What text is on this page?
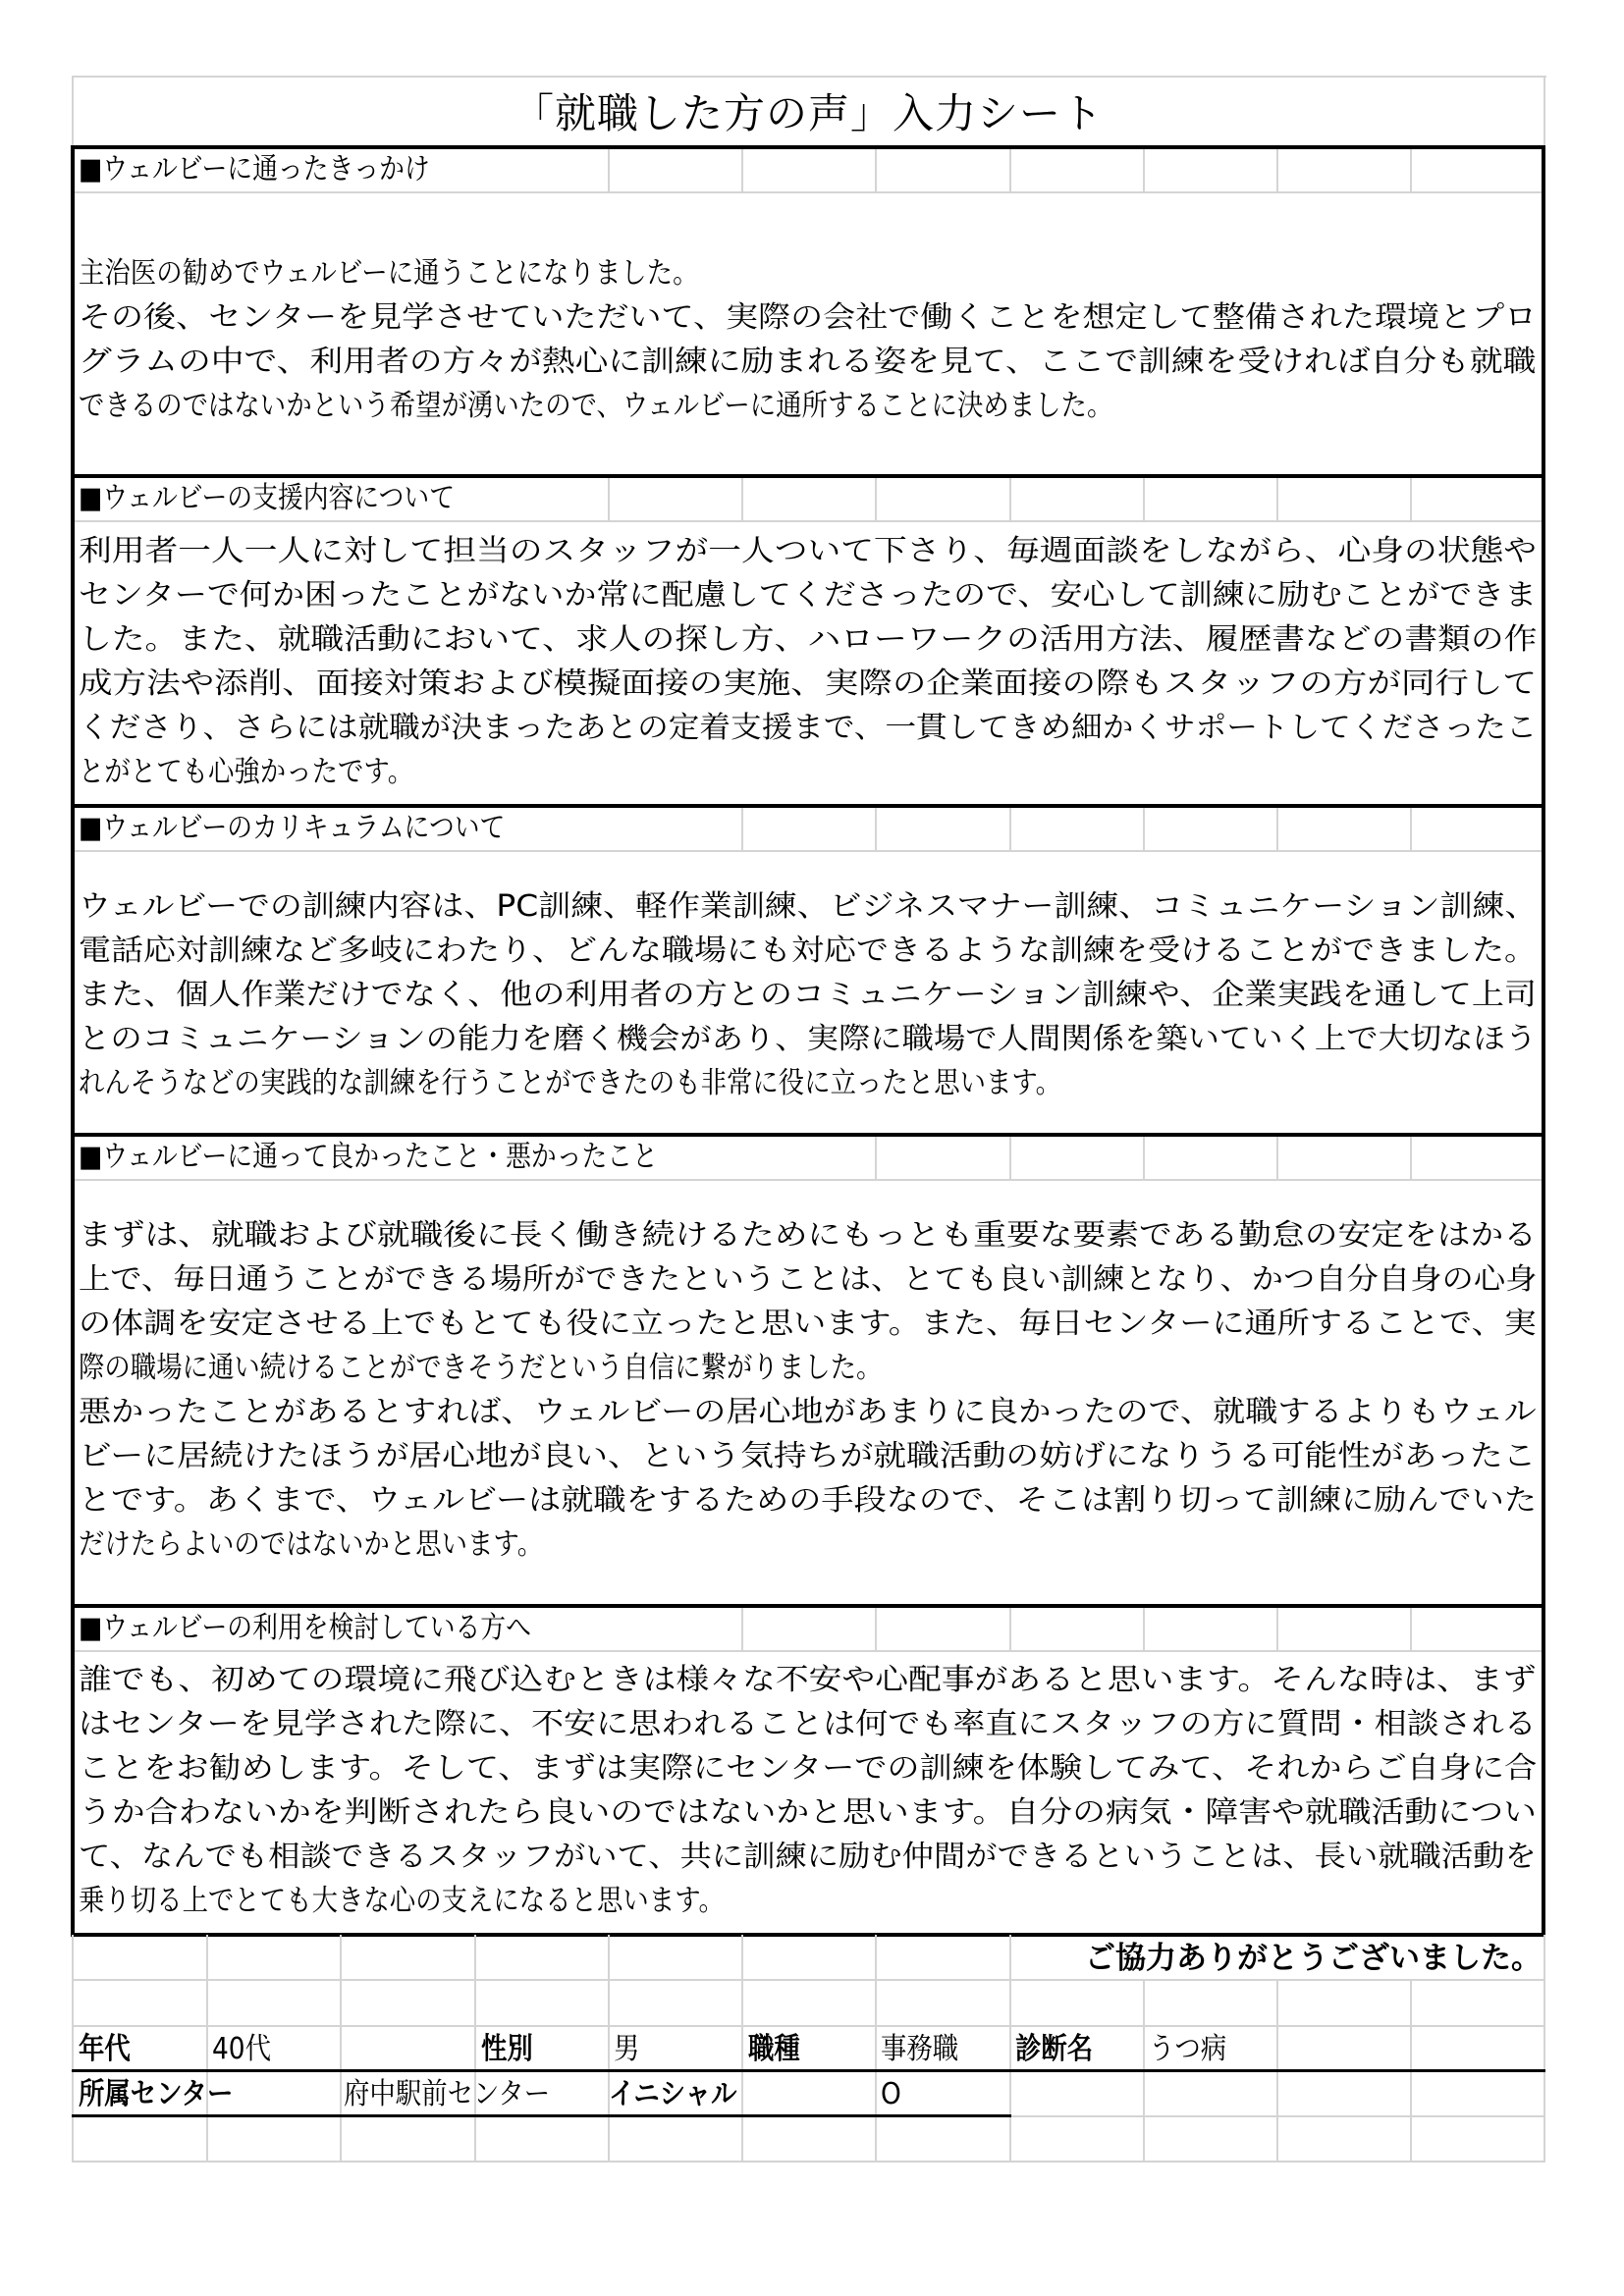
「就職した方の声」入力シート
■ウェルビーに通ったきっかけ
主治医の勧めでウェルビーに通うことになりました。
その後、センターを見学させていただいて、実際の会社で働くことを想定して整備された環境とプロ
グラムの中で、利用者の方々が熱心に訓練に励まれる姿を見て、ここで訓練を受ければ自分も就職
できるのではないかという希望が湧いたので、ウェルビーに通所することに決めました。
■ウェルビーの支援内容について
利用者一人一人に対して担当のスタッフが一人ついて下さり、毎週面談をしながら、心身の状態や
センターで何か困ったことがないか常に配慮してくださったので、安心して訓練に励むことができま
した。また、就職活動において、求人の探し方、ハローワークの活用方法、履歴書などの書類の作
成方法や添削、面接対策および模擬面接の実施、実際の企業面接の際もスタッフの方が同行して
くださり、さらには就職が決まったあとの定着支援まで、一貫してきめ細かくサポートしてくださったこ
とがとても心強かったです。
■ウェルビーのカリキュラムについて
ウェルビーでの訓練内容は、PC訓練、軽作業訓練、ビジネスマナー訓練、コミュニケーション訓練、
電話応対訓練など多岐にわたり、どんな職場にも対応できるような訓練を受けることができました。
また、個人作業だけでなく、他の利用者の方とのコミュニケーション訓練や、企業実践を通して上司
とのコミュニケーションの能力を磨く機会があり、実際に職場で人間関係を築いていく上で大切なほう
れんそうなどの実践的な訓練を行うことができたのも非常に役に立ったと思います。
■ウェルビーに通って良かったこと・悪かったこと
まずは、就職および就職後に長く働き続けるためにもっとも重要な要素である勤怠の安定をはかる
上で、毎日通うことができる場所ができたということは、とても良い訓練となり、かつ自分自身の心身
の体調を安定させる上でもとても役に立ったと思います。また、毎日センターに通所することで、実
際の職場に通い続けることができそうだという自信に繋がりました。
悪かったことがあるとすれば、ウェルビーの居心地があまりに良かったので、就職するよりもウェル
ビーに居続けたほうが居心地が良い、という気持ちが就職活動の妨げになりうる可能性があったこ
とです。あくまで、ウェルビーは就職をするための手段なので、そこは割り切って訓練に励んでいた
だけたらよいのではないかと思います。
■ウェルビーの利用を検討している方へ
誰でも、初めての環境に飛び込むときは様々な不安や心配事があると思います。そんな時は、まず
はセンターを見学された際に、不安に思われることは何でも率直にスタッフの方に質問・相談される
ことをお勧めします。そして、まずは実際にセンターでの訓練を体験してみて、それからご自身に合
うか合わないかを判断されたら良いのではないかと思います。自分の病気・障害や就職活動につい
て、なんでも相談できるスタッフがいて、共に訓練に励む仲間ができるということは、長い就職活動を
乗り切る上でとても大きな心の支えになると思います。
ご協力ありがとうございました。
年代	40代	性別	男	職種	事務職 診断名 うつ病
所属センター	府中駅前センター イニシャル	O
